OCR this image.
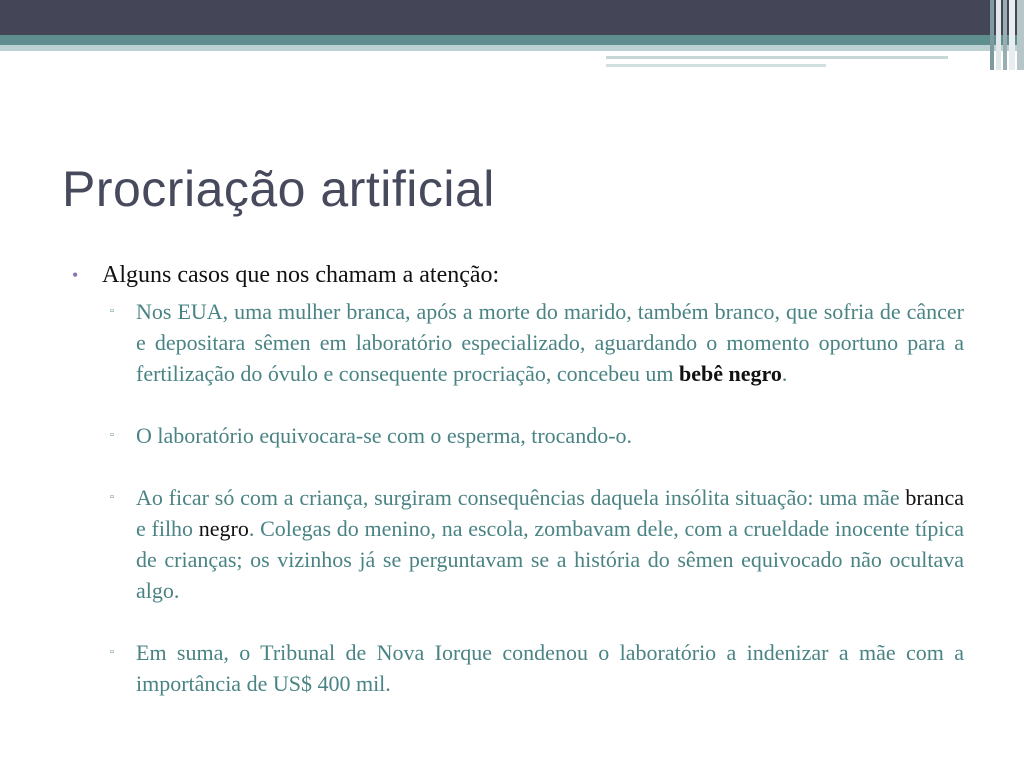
Procriação artificial
• Alguns casos que nos chamam a atenção:
▫ Nos EUA, uma mulher branca, após a morte do marido, também branco, que sofria de câncer e depositara sêmen em laboratório especializado, aguardando o momento oportuno para a fertilização do óvulo e consequente procriação, concebeu um bebê negro.
▫ O laboratório equivocara-se com o esperma, trocando-o.
▫ Ao ficar só com a criança, surgiram consequências daquela insólita situação: uma mãe branca e filho negro. Colegas do menino, na escola, zombavam dele, com a crueldade inocente típica de crianças; os vizinhos já se perguntavam se a história do sêmen equivocado não ocultava algo.
▫ Em suma, o Tribunal de Nova Iorque condenou o laboratório a indenizar a mãe com a importância de US$ 400 mil.
